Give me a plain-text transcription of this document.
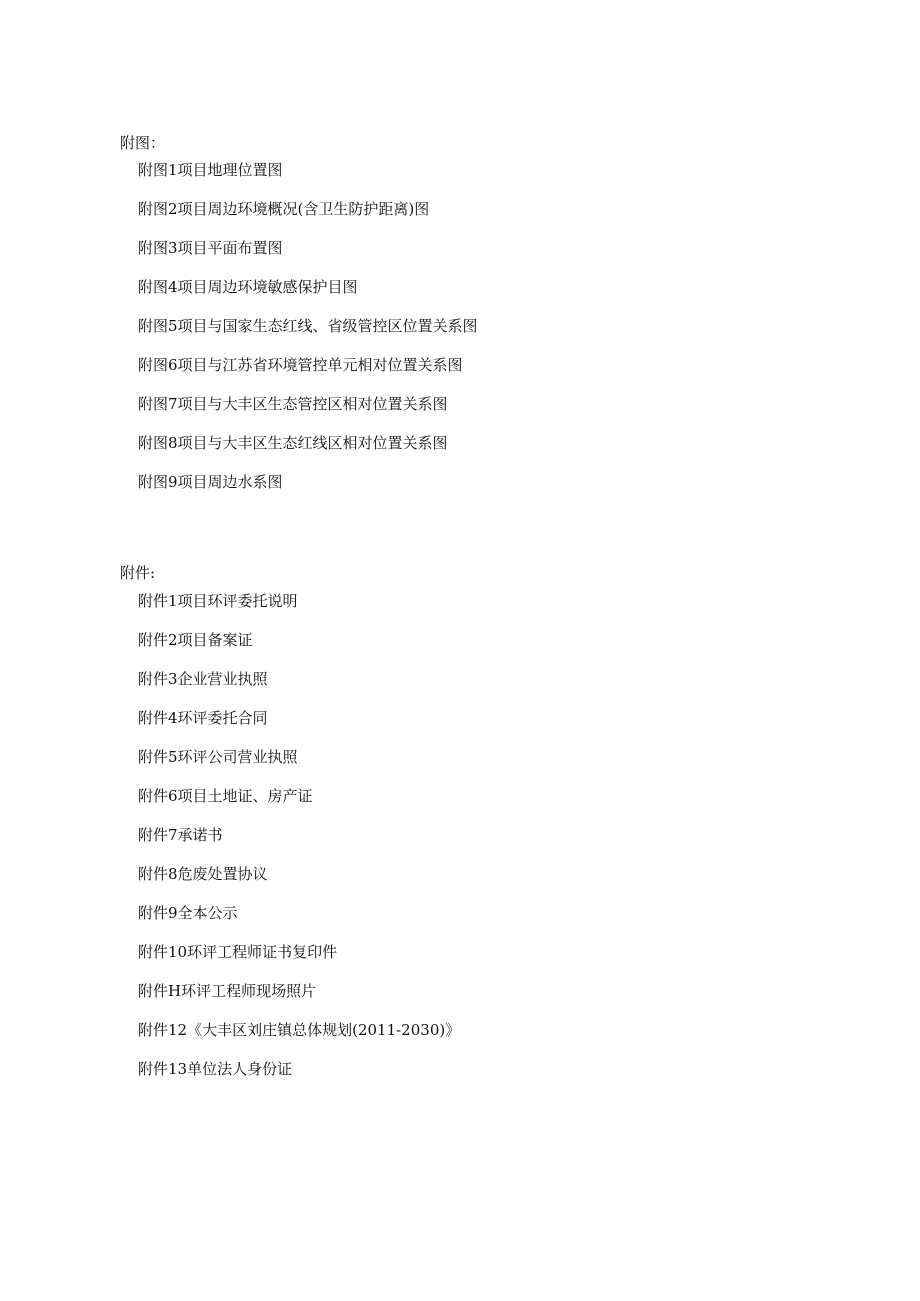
附图：
附图1项目地理位置图
附图2项目周边环境概况(含卫生防护距离)图
附图3项目平面布置图
附图4项目周边环境敏感保护目图
附图5项目与国家生态红线、省级管控区位置关系图
附图6项目与江苏省环境管控单元相对位置关系图
附图7项目与大丰区生态管控区相对位置关系图
附图8项目与大丰区生态红线区相对位置关系图
附图9项目周边水系图
附件:
附件1项目环评委托说明
附件2项目备案证
附件3企业营业执照
附件4环评委托合同
附件5环评公司营业执照
附件6项目土地证、房产证
附件7承诺书
附件8危废处置协议
附件9全本公示
附件10环评工程师证书复印件
附件H环评工程师现场照片
附件12《大丰区刘庄镇总体规划(2011-2030)》
附件13单位法人身份证
